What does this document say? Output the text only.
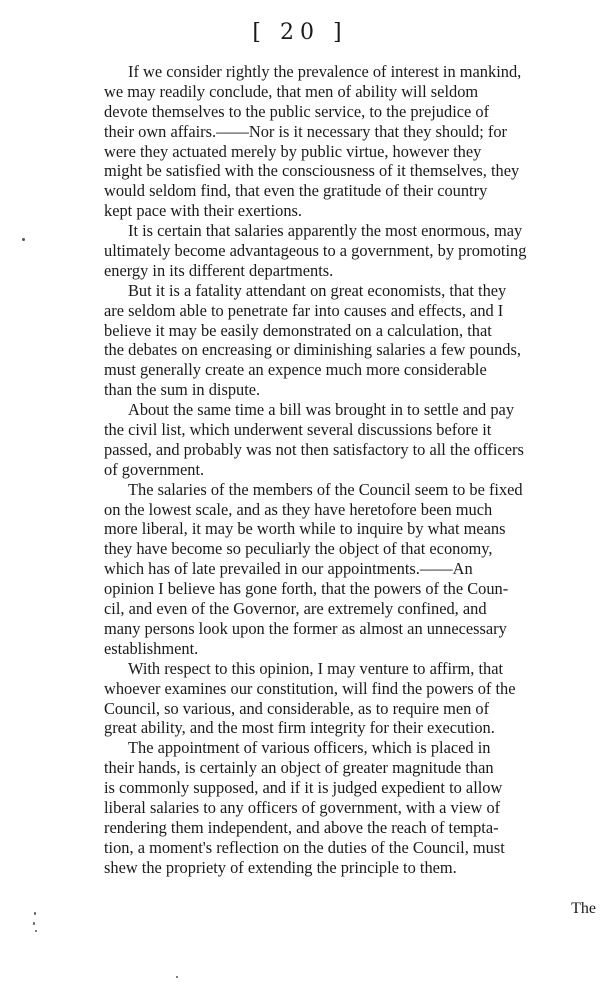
[ 20 ]
If we consider rightly the prevalence of interest in mankind,
we may readily conclude, that men of ability will seldom
devote themselves to the public service, to the prejudice of
their own affairs.——Nor is it necessary that they should; for
were they actuated merely by public virtue, however they
might be satisfied with the consciousness of it themselves, they
would seldom find, that even the gratitude of their country
kept pace with their exertions.
It is certain that salaries apparently the most enormous, may
ultimately become advantageous to a government, by promoting
energy in its different departments.
But it is a fatality attendant on great economists, that they
are seldom able to penetrate far into causes and effects, and I
believe it may be easily demonstrated on a calculation, that
the debates on encreasing or diminishing salaries a few pounds,
must generally create an expence much more considerable
than the sum in dispute.
About the same time a bill was brought in to settle and pay
the civil list, which underwent several discussions before it
passed, and probably was not then satisfactory to all the officers
of government.
The salaries of the members of the Council seem to be fixed
on the lowest scale, and as they have heretofore been much
more liberal, it may be worth while to inquire by what means
they have become so peculiarly the object of that economy,
which has of late prevailed in our appointments.——An
opinion I believe has gone forth, that the powers of the Coun-
cil, and even of the Governor, are extremely confined, and
many persons look upon the former as almost an unnecessary
establishment.
With respect to this opinion, I may venture to affirm, that
whoever examines our constitution, will find the powers of the
Council, so various, and considerable, as to require men of
great ability, and the most firm integrity for their execution.
The appointment of various officers, which is placed in
their hands, is certainly an object of greater magnitude than
is commonly supposed, and if it is judged expedient to allow
liberal salaries to any officers of government, with a view of
rendering them independent, and above the reach of tempta-
tion, a moment's reflection on the duties of the Council, must
shew the propriety of extending the principle to them.
The
